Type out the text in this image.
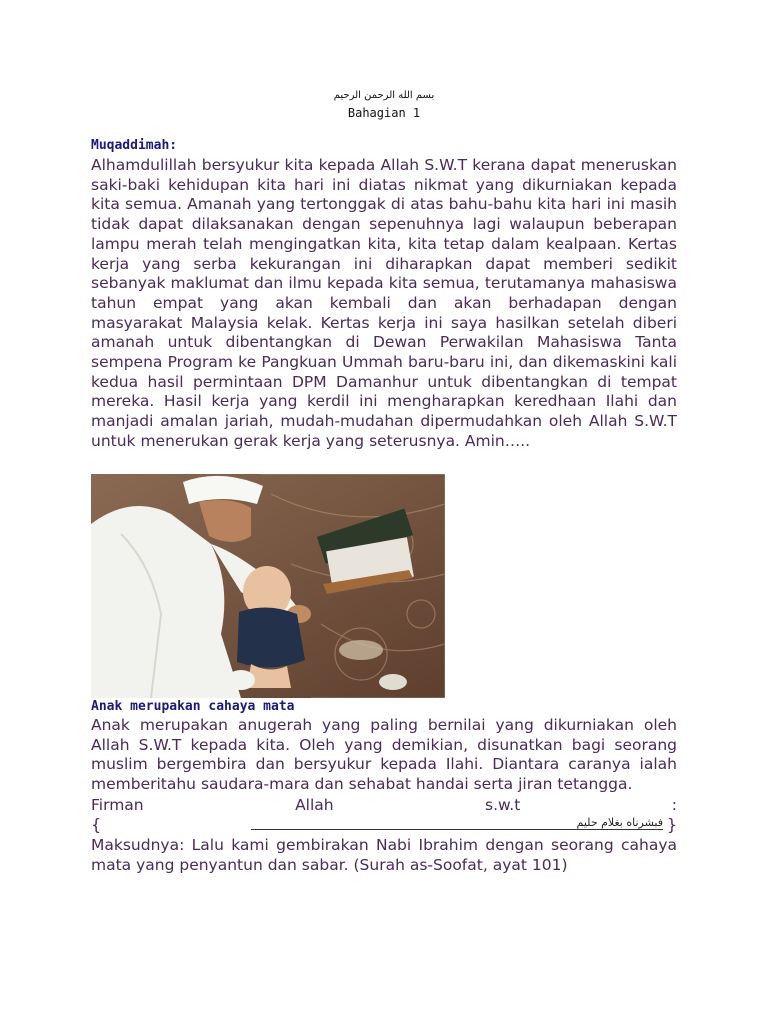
بسم الله الرحمن الرحيم
Bahagian 1
Muqaddimah:

Alhamdulillah bersyukur kita kepada Allah S.W.T kerana dapat meneruskan saki-baki kehidupan kita hari ini diatas nikmat yang dikurniakan kepada kita semua. Amanah yang tertonggak di atas bahu-bahu kita hari ini masih tidak dapat dilaksanakan dengan sepenuhnya lagi walaupun beberapan lampu merah telah mengingatkan kita, kita tetap dalam kealpaan. Kertas kerja yang serba kekurangan ini diharapkan dapat memberi sedikit sebanyak maklumat dan ilmu kepada kita semua, terutamanya mahasiswa tahun empat yang akan kembali dan akan berhadapan dengan masyarakat Malaysia kelak. Kertas kerja ini saya hasilkan setelah diberi amanah untuk dibentangkan di Dewan Perwakilan Mahasiswa Tanta sempena Program ke Pangkuan Ummah baru-baru ini, dan dikemaskini kali kedua hasil permintaan DPM Damanhur untuk dibentangkan di tempat mereka. Hasil kerja yang kerdil ini mengharapkan keredhaan Ilahi dan manjadi amalan jariah, mudah-mudahan dipermudahkan oleh Allah S.W.T untuk menerukan gerak kerja yang seterusnya. Amin…..

Anak merupakan cahaya mata

Anak merupakan anugerah yang paling bernilai yang dikurniakan oleh Allah S.W.T kepada kita. Oleh yang demikian, disunatkan bagi seorang muslim bergembira dan bersyukur kepada Ilahi. Diantara caranya ialah memberitahu saudara-mara dan sehabat handai serta jiran tetangga.

Firman	Allah	s.w.t	:
{	فبشرناه بغلام حليم }

Maksudnya: Lalu kami gembirakan Nabi Ibrahim dengan seorang cahaya mata yang penyantun dan sabar. (Surah as-Soofat, ayat 101)
